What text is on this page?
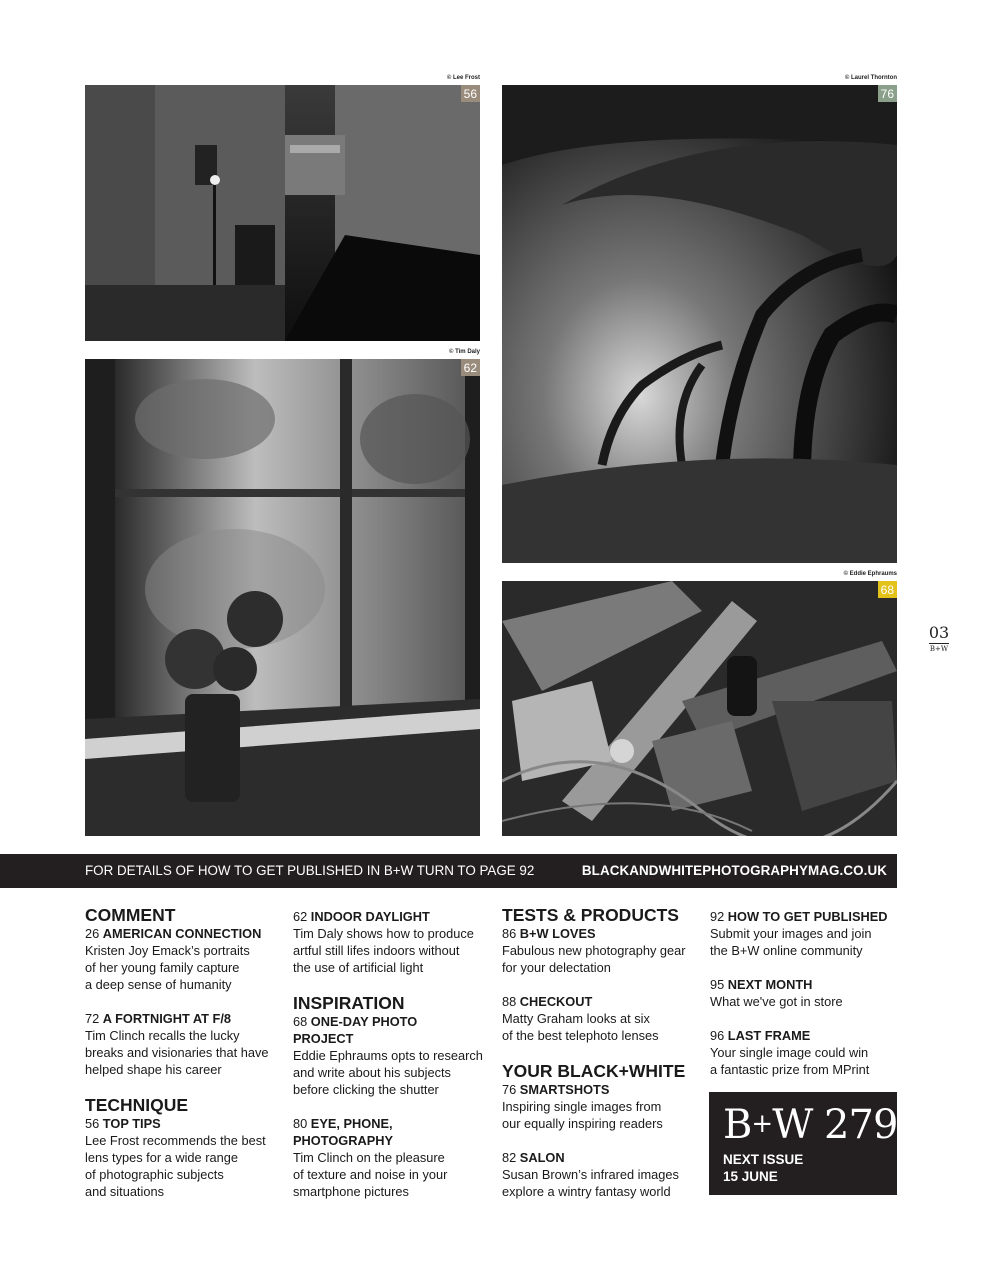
© Lee Frost
56
© Laurel Thornton
76
© Tim Daly
62
© Eddie Ephraums
68
03
B+W
FOR DETAILS OF HOW TO GET PUBLISHED IN B+W TURN TO PAGE 92	BLACKANDWHITEPHOTOGRAPHYMAG.CO.UK
COMMENT
26 AMERICAN CONNECTION
Kristen Joy Emack’s portraits
of her young family capture
a deep sense of humanity
72 A FORTNIGHT AT F/8
Tim Clinch recalls the lucky
breaks and visionaries that have
helped shape his career
TECHNIQUE
56 TOP TIPS
Lee Frost recommends the best
lens types for a wide range
of photographic subjects
and situations
62 INDOOR DAYLIGHT
Tim Daly shows how to produce
artful still lifes indoors without
the use of artificial light
INSPIRATION
68 ONE-DAY PHOTO
PROJECT
Eddie Ephraums opts to research
and write about his subjects
before clicking the shutter
80 EYE, PHONE,
PHOTOGRAPHY
Tim Clinch on the pleasure
of texture and noise in your
smartphone pictures
TESTS & PRODUCTS
86 B+W LOVES
Fabulous new photography gear
for your delectation
88 CHECKOUT
Matty Graham looks at six
of the best telephoto lenses
YOUR BLACK+WHITE
76 SMARTSHOTS
Inspiring single images from
our equally inspiring readers
82 SALON
Susan Brown’s infrared images
explore a wintry fantasy world
92 HOW TO GET PUBLISHED
Submit your images and join
the B+W online community
95 NEXT MONTH
What we've got in store
96 LAST FRAME
Your single image could win
a fantastic prize from MPrint
B+W 279
NEXT ISSUE
15 JUNE
